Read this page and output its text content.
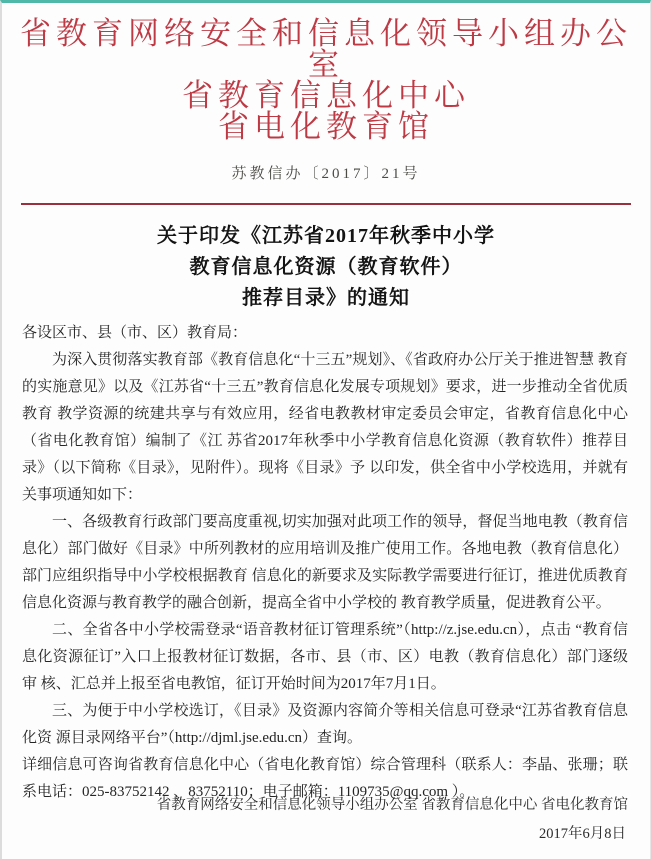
省教育网络安全和信息化领导小组办公
室
省教育信息化中心
省电化教育馆
苏教信办〔2017〕21号
关于印发《江苏省2017年秋季中小学
教育信息化资源（教育软件）
推荐目录》的通知

各设区市、县（市、区）教育局：

为深入贯彻落实教育部《教育信息化“十三五”规划》、《省政府办公厅关于推进智慧 教育的实施意见》以及《江苏省“十三五”教育信息化发展专项规划》要求，进一步推动全省优质教育 教学资源的统建共享与有效应用，经省电教教材审定委员会审定，省教育信息化中心（省电化教育馆）编制了《江 苏省2017年秋季中小学教育信息化资源（教育软件）推荐目录》（以下简称《目录》，见附件）。现将《目录》予 以印发，供全省中小学校选用，并就有关事项通知如下：

一、各级教育行政部门要高度重视,切实加强对此项工作的领导，督促当地电教（教育信息化）部门做好《目录》中所列教材的应用培训及推广使用工作。各地电教（教育信息化）部门应组织指导中小学校根据教育 信息化的新要求及实际教学需要进行征订，推进优质教育信息化资源与教育教学的融合创新，提高全省中小学校的 教育教学质量，促进教育公平。

二、全省各中小学校需登录“语音教材征订管理系统”（http://z.jse.edu.cn），点击 “教育信息化资源征订”入口上报教材征订数据，各市、县（市、区）电教（教育信息化）部门逐级审 核、汇总并上报至省电教馆，征订开始时间为2017年7月1日。

三、为便于中小学校选订，《目录》及资源内容简介等相关信息可登录“江苏省教育信息化资 源目录网络平台”（http://djml.jse.edu.cn）查询。

详细信息可咨询省教育信息化中心（省电化教育馆）综合管理科（联系人：李晶、张珊；联系电话：025-83752142 、83752110；电子邮箱：1109735@qq.com ）。

省教育网络安全和信息化领导小组办公室 省教育信息化中心 省电化教育馆
2017年6月8日
